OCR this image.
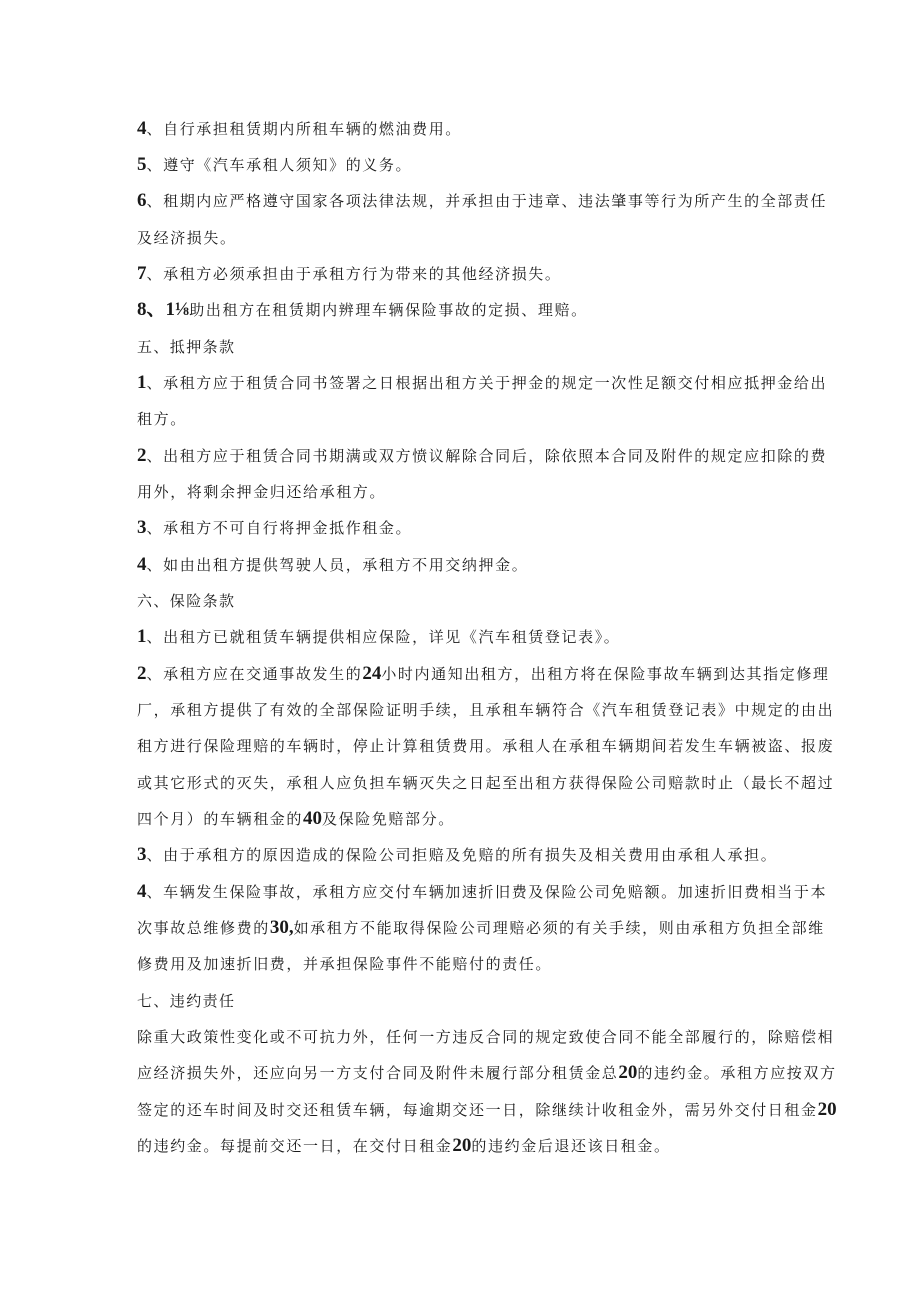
4、自行承担租赁期内所租车辆的燃油费用。

5、遵守《汽车承租人须知》的义务。

6、租期内应严格遵守国家各项法律法规，并承担由于违章、违法肇事等行为所产生的全部责任

及经济损失。

7、承租方必须承担由于承租方行为带来的其他经济损失。

8、1⅛助出租方在租赁期内辨理车辆保险事故的定损、理赔。

五、抵押条款

1、承租方应于租赁合同书签署之日根据出租方关于押金的规定一次性足额交付相应抵押金给出

租方。

2、出租方应于租赁合同书期满或双方愤议解除合同后，除依照本合同及附件的规定应扣除的费

用外，将剩余押金归还给承租方。

3、承租方不可自行将押金抵作租金。

4、如由出租方提供驾驶人员，承租方不用交纳押金。

六、保险条款

1、出租方已就租赁车辆提供相应保险，详见《汽车租赁登记表》。

2、承租方应在交通事故发生的24小时内通知出租方，出租方将在保险事故车辆到达其指定修理

厂，承租方提供了有效的全部保险证明手续，且承租车辆符合《汽车租赁登记表》中规定的由出

租方进行保险理赔的车辆时，停止计算租赁费用。承租人在承租车辆期间若发生车辆被盗、报废

或其它形式的灭失，承租人应负担车辆灭失之日起至出租方获得保险公司赔款时止（最长不超过

四个月）的车辆租金的40及保险免赔部分。

3、由于承租方的原因造成的保险公司拒赔及免赔的所有损失及相关费用由承租人承担。

4、车辆发生保险事故，承租方应交付车辆加速折旧费及保险公司免赔额。加速折旧费相当于本

次事故总维修费的30,如承租方不能取得保险公司理赔必须的有关手续，则由承租方负担全部维

修费用及加速折旧费，并承担保险事件不能赔付的责任。

七、违约责任

除重大政策性变化或不可抗力外，任何一方违反合同的规定致使合同不能全部履行的，除赔偿相

应经济损失外，还应向另一方支付合同及附件未履行部分租赁金总20的违约金。承租方应按双方

签定的还车时间及时交还租赁车辆，每逾期交还一日，除继续计收租金外，需另外交付日租金20

的违约金。每提前交还一日，在交付日租金20的违约金后退还该日租金。
